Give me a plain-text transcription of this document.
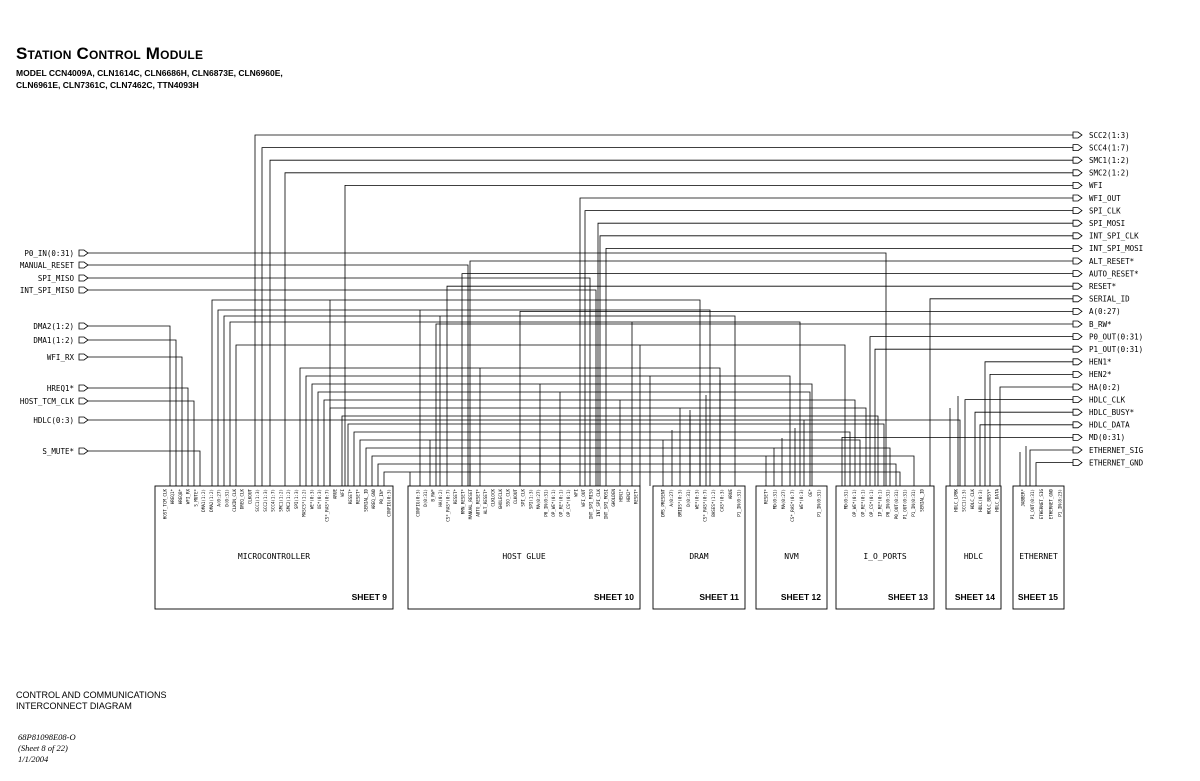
Station Control Module
MODEL CCN4009A, CLN1614C, CLN6686H, CLN6873E, CLN6960E,
CLN6961E, CLN7361C, CLN7462C, TTN4093H
MICROCONTROLLER
SHEET 9
HOST_TCM_CLK HREQ1* HREQB* WFI_RX S_MUTE* DMA1(1:2) DMA2(1:2) A(0:27) D(0:31) CLKIN_CLK DREQ_CLK CLKOUT SCC1(1:3) SCC2(1:3) SCC4(1:7) SMC1(1:2) SMC2(1:2) SPI(1:3) MASCS*(1:2) WE*(0:3) OE*(0:3) CS*_RAS*(0:7) ARUE WFI RESET* RESET* SERIAL_ID AREQ_GND P0_IN* CONFIG(0:3)
HOST GLUE
SHEET 10
CONFIG(0:3) D(0:31) B_RW* HA(0:2) CS*_RAS*(0:7) RESET* RMN_RESET* MANUAL_RESET AUTO_RESET* ALT_RESET* CLKLOCK GHOLECLK SSO_CLK CLKOUT SPI_CLK SPI(1:3) MA(0:27) P0_IN(0:31) OP_WE*(0:1) OP_RE*(0:1) OP_CS*(0:1) WFI WFI_OUT INT_SPI_MISO INT_SPI_CLK INT_SPI_MOSI GHOLDEN HEN1* HEN2* RESET*
DRAM
SHEET 11
DMS_PRESENT A(0:27) BMIDS*(0:3) D(0:31) WE*(0:3) CS*_RAS*(0:7) BASES*(1:2) CAS*(0:3) ARUE P1_IN(0:31)
NVM
SHEET 12
RESET* MD(0:31) MA(0:27) CS*_RAS*(0:7) WE*(0:3) OE* P1_IN(0:31)
I_O_PORTS
SHEET 13
MD(0:31) OP_WE*(0:1) OP_RE*(0:1) OP_CS*(0:1) IP_RE*(0:1) P0_IN(0:31) P0_OUT(0:31) P1_OUT(0:31) P1_IN(0:31) SERIAL_ID
HDLC
SHEET 14
HDLC_LPBK SCC1(1:3) HDLC_CLK HDLC(0:3) HDLC_BUSY* HDLC_DATA
ETHERNET
SHEET 15
JABBER* P1_OUT(0:31) ETHERNET_SIG ETHERNET_GND P1_IN(8:23)
P0_IN(0:31)
MANUAL_RESET
SPI_MISO
INT_SPI_MISO
DMA2(1:2)
DMA1(1:2)
WFI_RX
HREQ1*
HOST_TCM_CLK
HDLC(0:3)
S_MUTE*
SCC2(1:3)
SCC4(1:7)
SMC1(1:2)
SMC2(1:2)
WFI
WFI_OUT
SPI_CLK
SPI_MOSI
INT_SPI_CLK
INT_SPI_MOSI
ALT_RESET*
AUTO_RESET*
RESET*
SERIAL_ID
A(0:27)
B_RW*
P0_OUT(0:31)
P1_OUT(0:31)
HEN1*
HEN2*
HA(0:2)
HDLC_CLK
HDLC_BUSY*
HDLC_DATA
MD(0:31)
ETHERNET_SIG
ETHERNET_GND
CONTROL AND COMMUNICATIONS
INTERCONNECT DIAGRAM
68P81098E08-O
(Sheet 8 of 22)
1/1/2004
